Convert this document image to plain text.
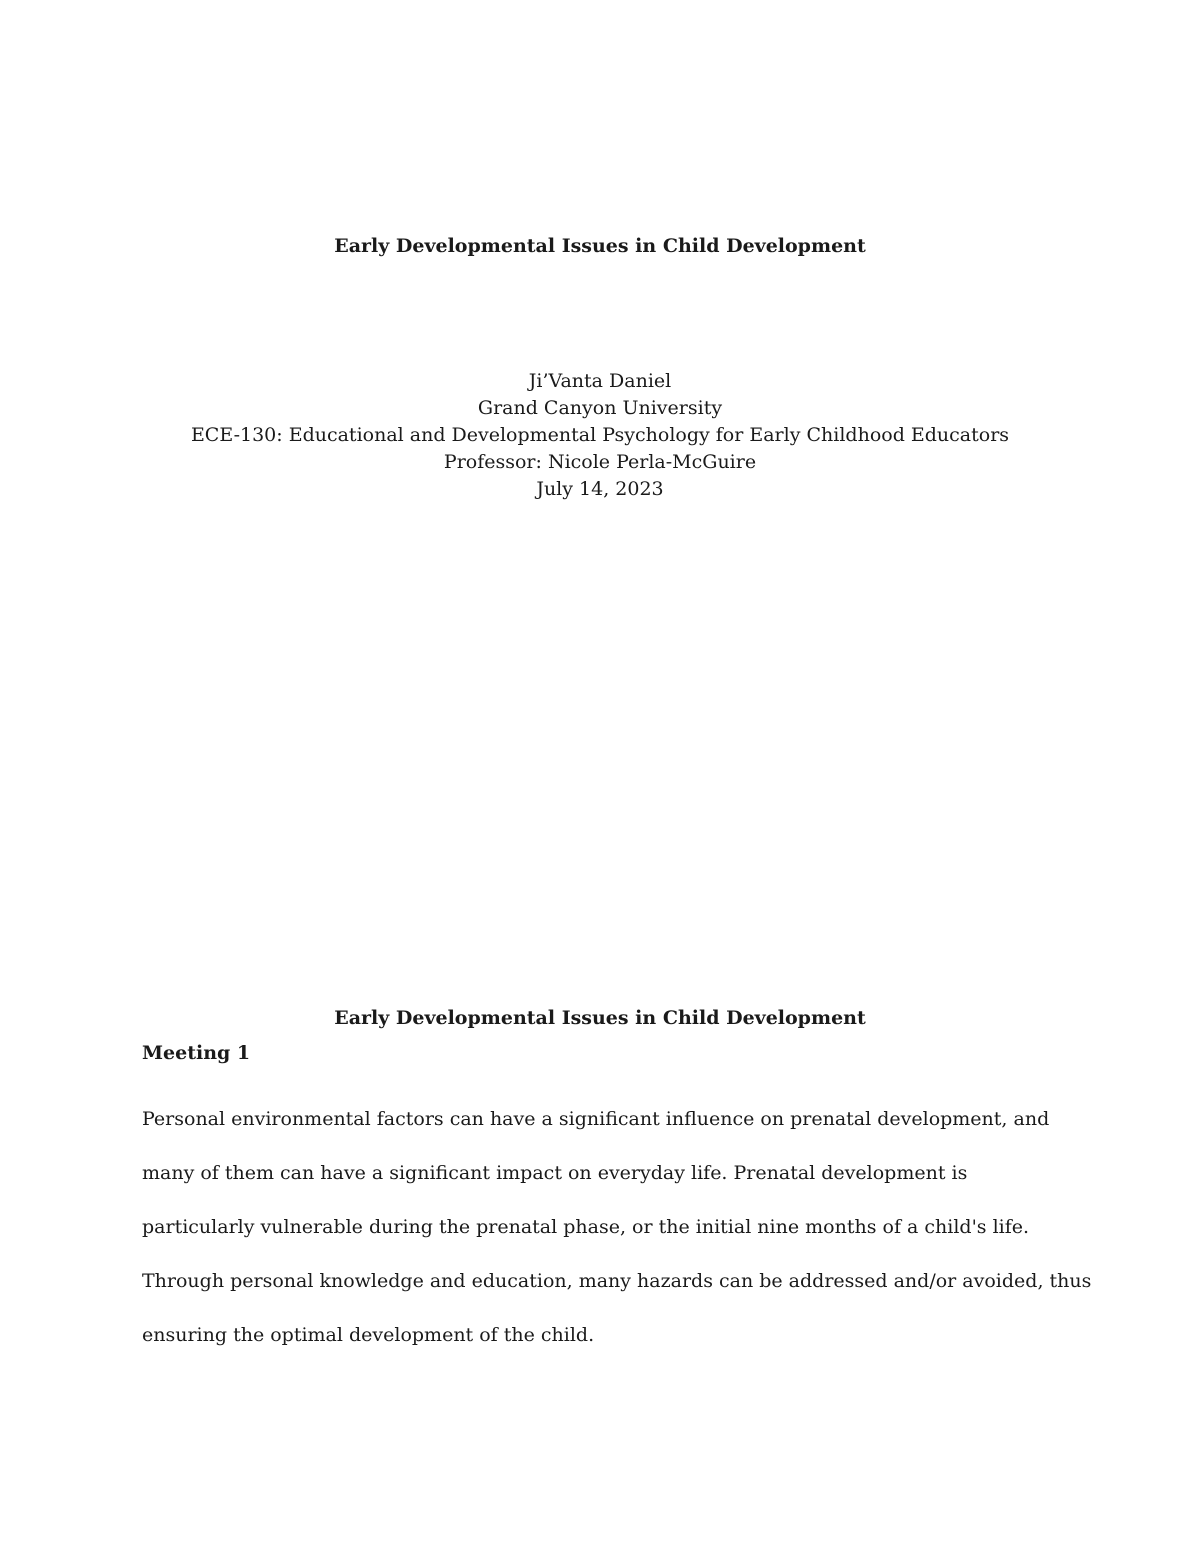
Early Developmental Issues in Child Development
Ji’Vanta Daniel
Grand Canyon University
ECE-130: Educational and Developmental Psychology for Early Childhood Educators
Professor: Nicole Perla-McGuire
July 14, 2023
Early Developmental Issues in Child Development
Meeting 1
Personal environmental factors can have a significant influence on prenatal development, and
many of them can have a significant impact on everyday life. Prenatal development is
particularly vulnerable during the prenatal phase, or the initial nine months of a child's life.
Through personal knowledge and education, many hazards can be addressed and/or avoided, thus
ensuring the optimal development of the child.
